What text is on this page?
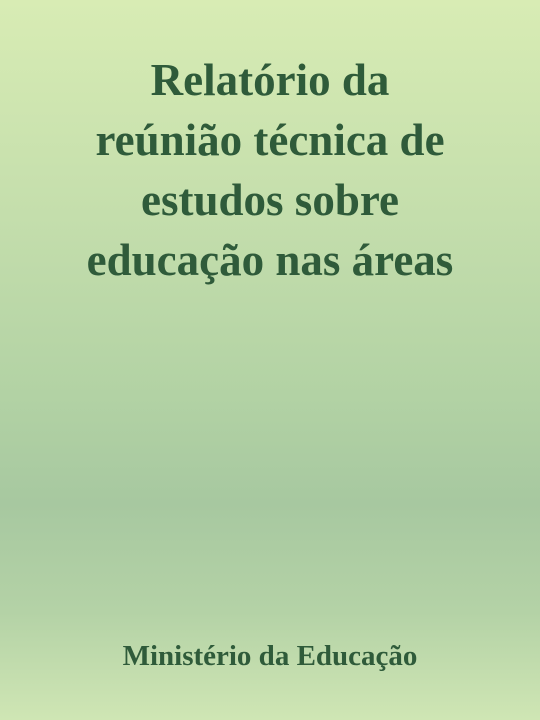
Relatório da
reúnião técnica de
estudos sobre
educação nas áreas
Ministério da Educação
